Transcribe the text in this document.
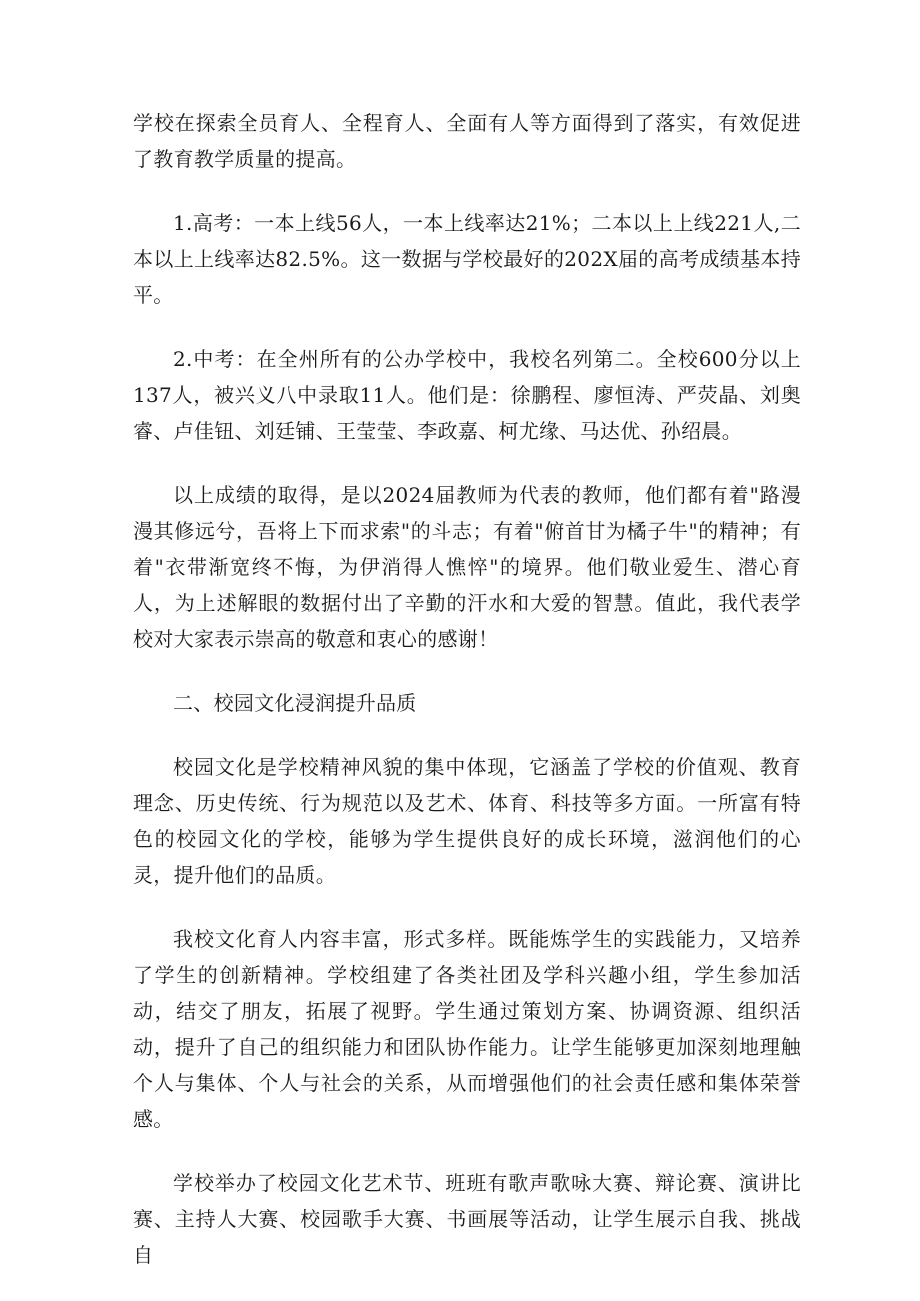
学校在探索全员育人、全程育人、全面有人等方面得到了落实，有效促进了教育教学质量的提高。

1.高考：一本上线56人，一本上线率达21%；二本以上上线221人,二本以上上线率达82.5%。这一数据与学校最好的202X届的高考成绩基本持平。

2.中考：在全州所有的公办学校中，我校名列第二。全校600分以上137人，被兴义八中录取11人。他们是：徐鹏程、廖恒涛、严荧晶、刘奥睿、卢佳钮、刘廷铺、王莹莹、李政嘉、柯尤缘、马达优、孙绍晨。

以上成绩的取得，是以2024届教师为代表的教师，他们都有着"路漫漫其修远兮，吾将上下而求索"的斗志；有着"俯首甘为橘子牛"的精神；有着"衣带渐宽终不悔，为伊消得人憔悴"的境界。他们敬业爱生、潜心育人，为上述解眼的数据付出了辛勤的汗水和大爱的智慧。值此，我代表学校对大家表示崇高的敬意和衷心的感谢！

二、校园文化浸润提升品质

校园文化是学校精神风貌的集中体现，它涵盖了学校的价值观、教育理念、历史传统、行为规范以及艺术、体育、科技等多方面。一所富有特色的校园文化的学校，能够为学生提供良好的成长环境，滋润他们的心灵，提升他们的品质。

我校文化育人内容丰富，形式多样。既能炼学生的实践能力，又培养了学生的创新精神。学校组建了各类社团及学科兴趣小组，学生参加活动，结交了朋友，拓展了视野。学生通过策划方案、协调资源、组织活动，提升了自己的组织能力和团队协作能力。让学生能够更加深刻地理触个人与集体、个人与社会的关系，从而增强他们的社会责任感和集体荣誉感。

学校举办了校园文化艺术节、班班有歌声歌咏大赛、辩论赛、演讲比赛、主持人大赛、校园歌手大赛、书画展等活动，让学生展示自我、挑战自
